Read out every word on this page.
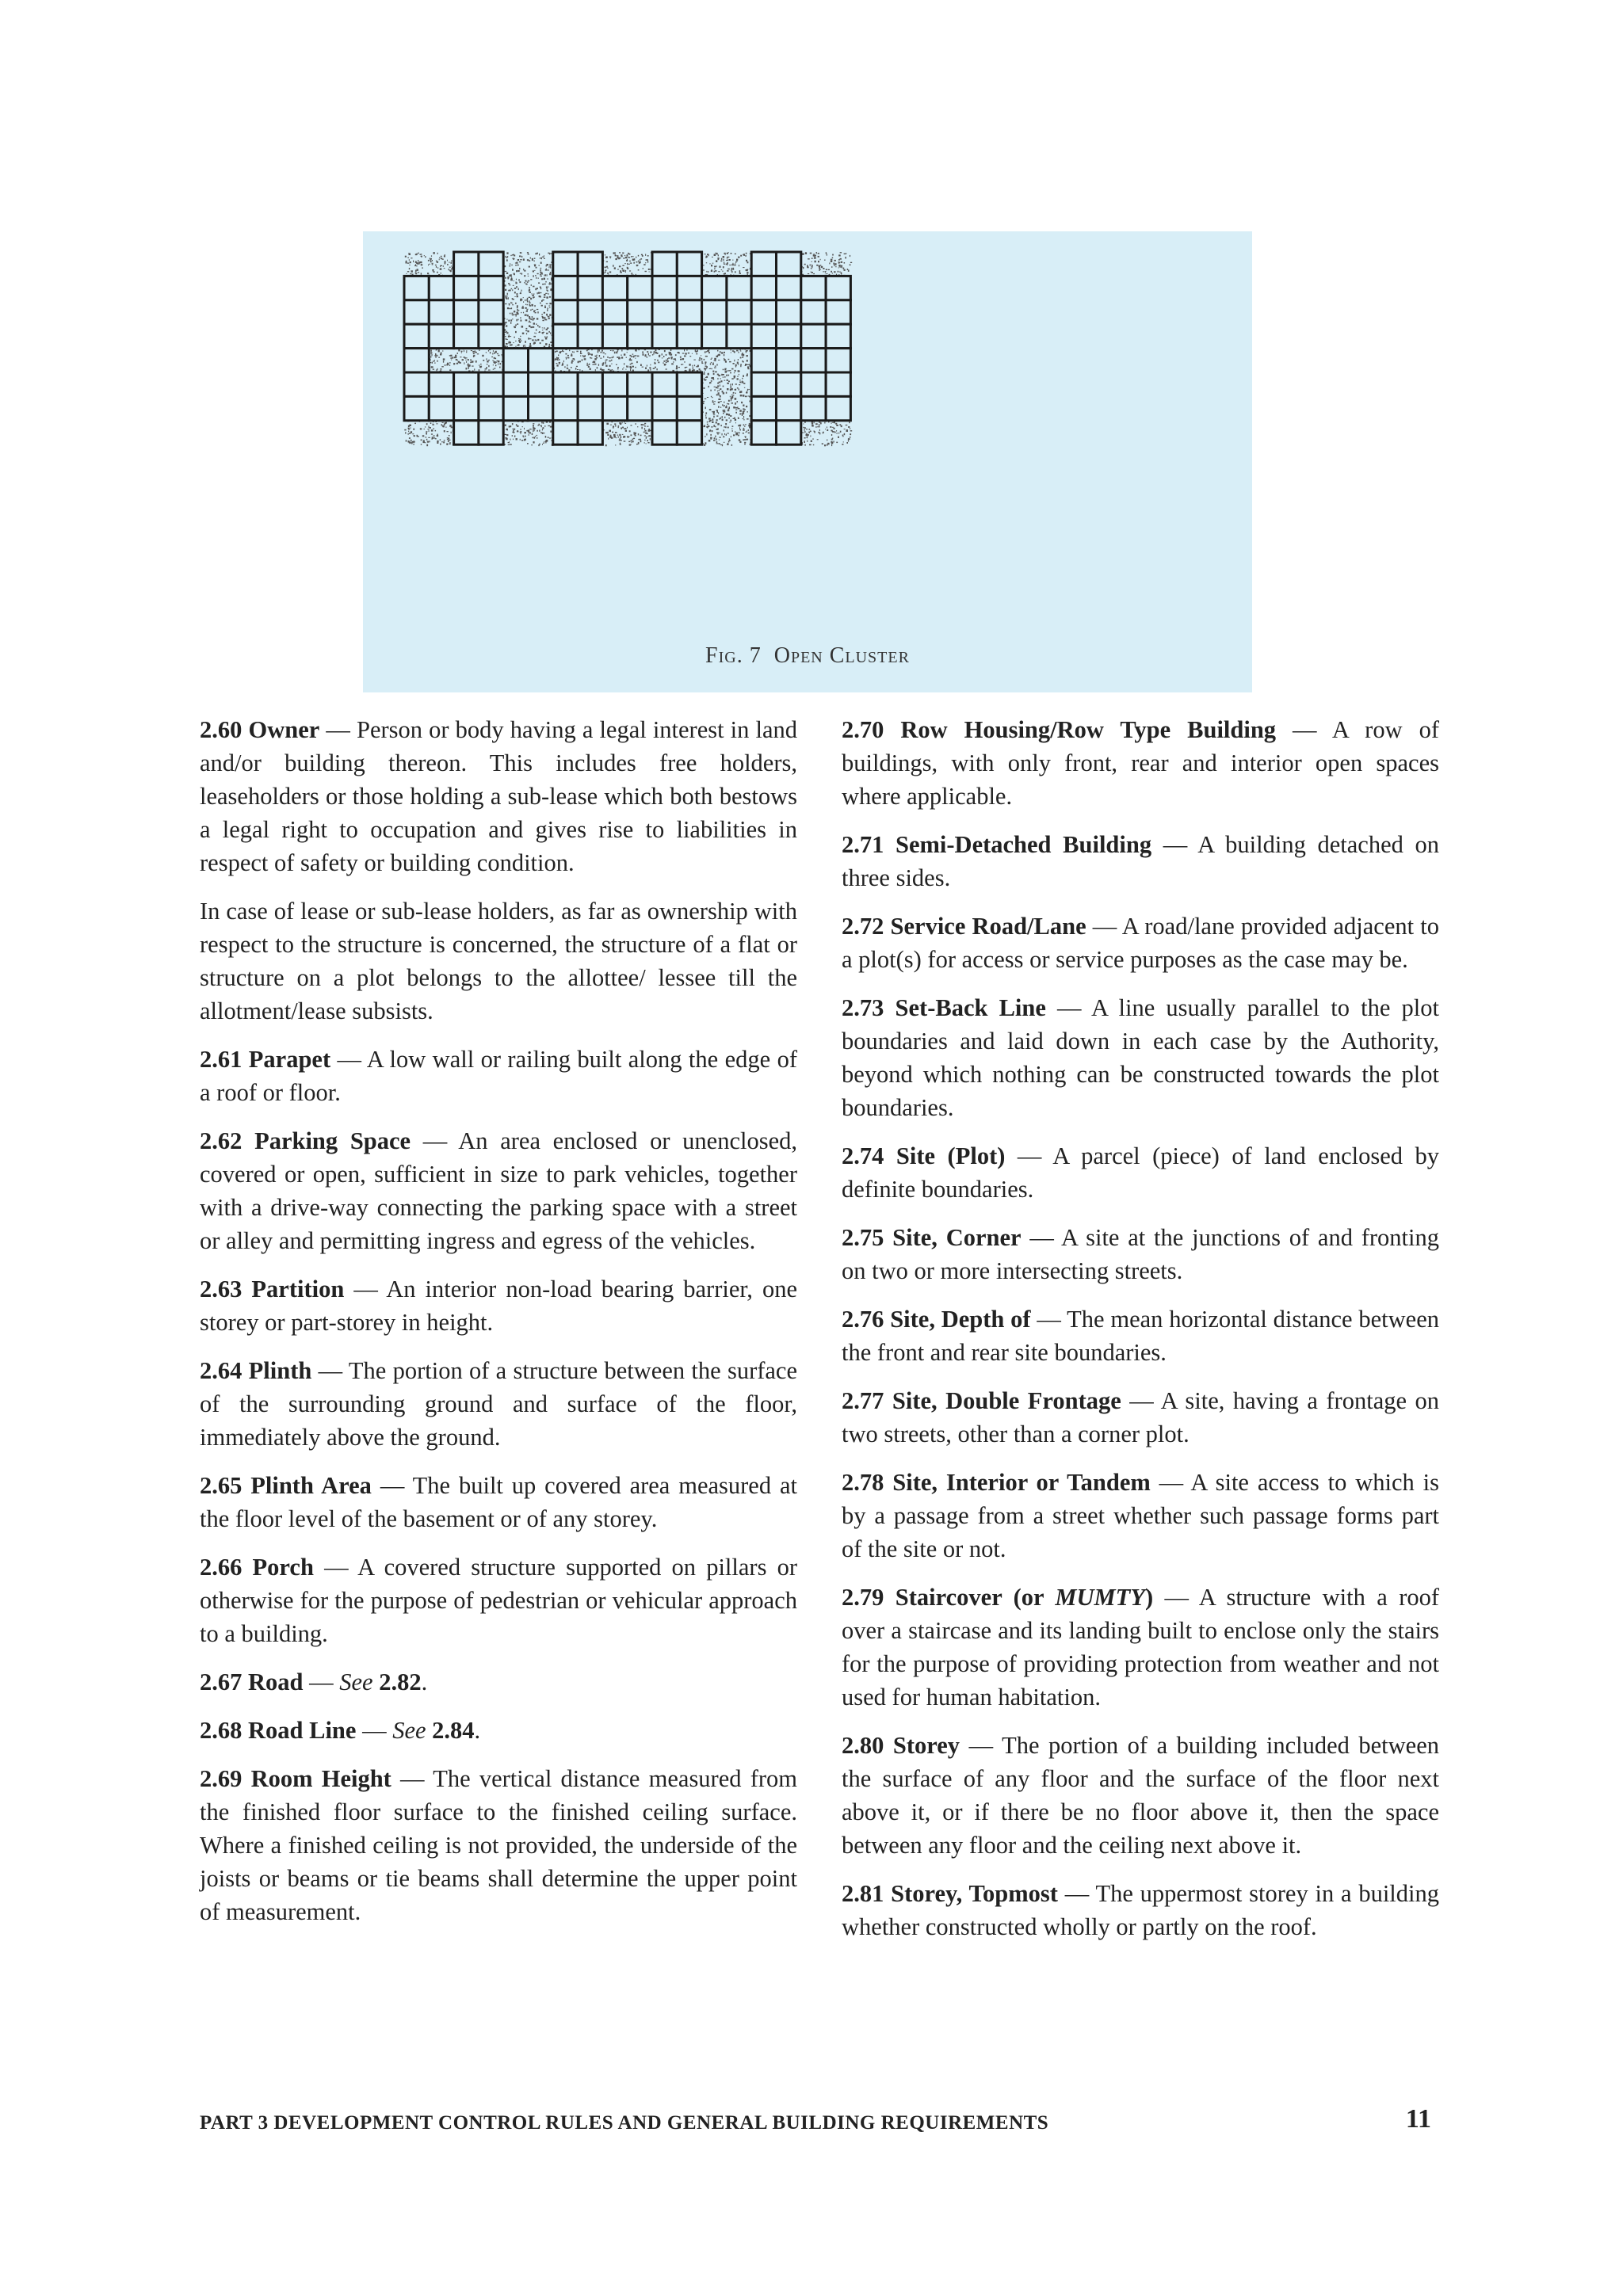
Fig. 7 Open Cluster

2.60 Owner — Person or body having a legal interest in land and/or building thereon. This includes free holders, leaseholders or those holding a sub-lease which both bestows a legal right to occupation and gives rise to liabilities in respect of safety or building condition.

In case of lease or sub-lease holders, as far as ownership with respect to the structure is concerned, the structure of a flat or structure on a plot belongs to the allottee/ lessee till the allotment/lease subsists.

2.61 Parapet — A low wall or railing built along the edge of a roof or floor.

2.62 Parking Space — An area enclosed or unenclosed, covered or open, sufficient in size to park vehicles, together with a drive-way connecting the parking space with a street or alley and permitting ingress and egress of the vehicles.

2.63 Partition — An interior non-load bearing barrier, one storey or part-storey in height.

2.64 Plinth — The portion of a structure between the surface of the surrounding ground and surface of the floor, immediately above the ground.

2.65 Plinth Area — The built up covered area measured at the floor level of the basement or of any storey.

2.66 Porch — A covered structure supported on pillars or otherwise for the purpose of pedestrian or vehicular approach to a building.

2.67 Road — See 2.82.

2.68 Road Line — See 2.84.

2.69 Room Height — The vertical distance measured from the finished floor surface to the finished ceiling surface. Where a finished ceiling is not provided, the underside of the joists or beams or tie beams shall determine the upper point of measurement.

2.70 Row Housing/Row Type Building — A row of buildings, with only front, rear and interior open spaces where applicable.

2.71 Semi-Detached Building — A building detached on three sides.

2.72 Service Road/Lane — A road/lane provided adjacent to a plot(s) for access or service purposes as the case may be.

2.73 Set-Back Line — A line usually parallel to the plot boundaries and laid down in each case by the Authority, beyond which nothing can be constructed towards the plot boundaries.

2.74 Site (Plot) — A parcel (piece) of land enclosed by definite boundaries.

2.75 Site, Corner — A site at the junctions of and fronting on two or more intersecting streets.

2.76 Site, Depth of — The mean horizontal distance between the front and rear site boundaries.

2.77 Site, Double Frontage — A site, having a frontage on two streets, other than a corner plot.

2.78 Site, Interior or Tandem — A site access to which is by a passage from a street whether such passage forms part of the site or not.

2.79 Staircover (or MUMTY) — A structure with a roof over a staircase and its landing built to enclose only the stairs for the purpose of providing protection from weather and not used for human habitation.

2.80 Storey — The portion of a building included between the surface of any floor and the surface of the floor next above it, or if there be no floor above it, then the space between any floor and the ceiling next above it.

2.81 Storey, Topmost — The uppermost storey in a building whether constructed wholly or partly on the roof.

PART 3 DEVELOPMENT CONTROL RULES AND GENERAL BUILDING REQUIREMENTS	11
